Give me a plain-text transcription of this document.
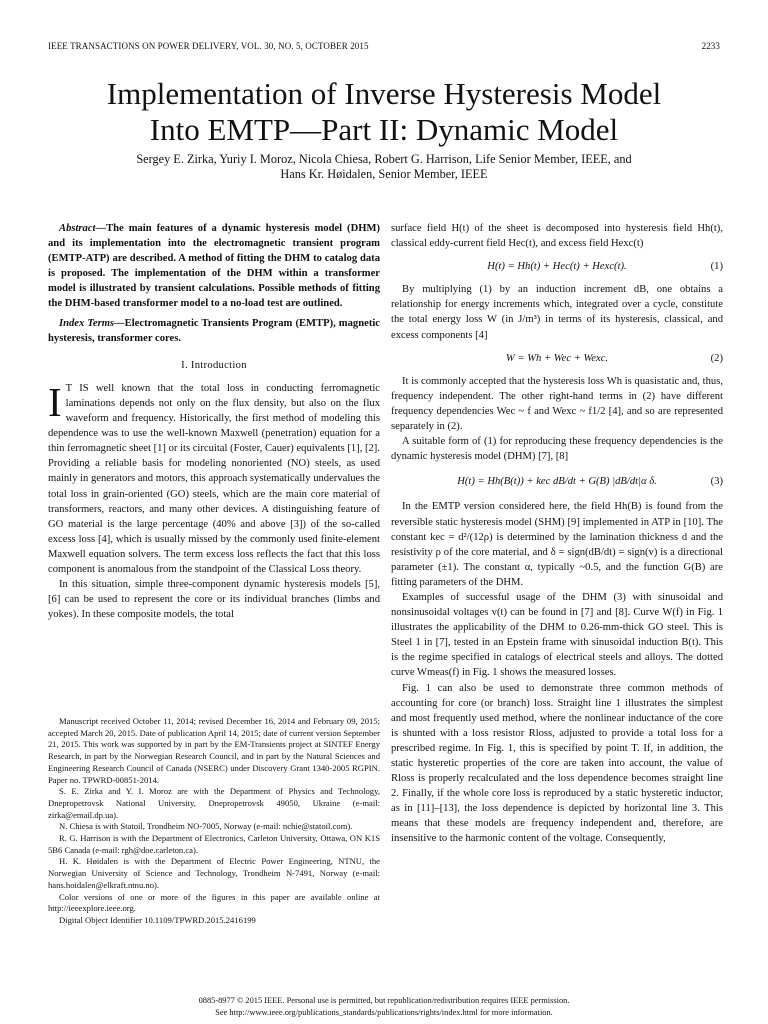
IEEE TRANSACTIONS ON POWER DELIVERY, VOL. 30, NO. 5, OCTOBER 2015	2233
Implementation of Inverse Hysteresis Model
Into EMTP—Part II: Dynamic Model
Sergey E. Zirka, Yuriy I. Moroz, Nicola Chiesa, Robert G. Harrison, Life Senior Member, IEEE, and
Hans Kr. Høidalen, Senior Member, IEEE

Abstract—The main features of a dynamic hysteresis model (DHM) and its implementation into the electromagnetic transient program (EMTP-ATP) are described. A method of fitting the DHM to catalog data is proposed. The implementation of the DHM within a transformer model is illustrated by transient calculations. Possible methods of fitting the DHM-based transformer model to a no-load test are outlined.

Index Terms—Electromagnetic Transients Program (EMTP), magnetic hysteresis, transformer cores.

I. Introduction

I T IS well known that the total loss in conducting ferromagnetic laminations depends not only on the flux density, but also on the flux waveform and frequency. Historically, the first method of modeling this dependence was to use the well-known Maxwell (penetration) equation for a thin ferromagnetic sheet [1] or its circuital (Foster, Cauer) equivalents [1], [2]. Providing a reliable basis for modeling nonoriented (NO) steels, as used mainly in generators and motors, this approach systematically undervalues the total loss in grain-oriented (GO) steels, which are the main core material of transformers, reactors, and many other devices. A distinguishing feature of GO material is the large percentage (40% and above [3]) of the so-called excess loss [4], which is usually missed by the commonly used finite-element Maxwell equation solvers. The term excess loss reflects the fact that this loss component is anomalous from the standpoint of the Classical Loss theory.

In this situation, simple three-component dynamic hysteresis models [5], [6] can be used to represent the core or its individual branches (limbs and yokes). In these composite models, the total

Manuscript received October 11, 2014; revised December 16, 2014 and February 09, 2015; accepted March 20, 2015. Date of publication April 14, 2015; date of current version September 21, 2015. This work was supported by in part by the EM-Transients project at SINTEF Energy Research, in part by the Norwegian Research Council, and in part by the Natural Sciences and Engineering Research Council of Canada (NSERC) under Discovery Grant 1340-2005 RGPIN. Paper no. TPWRD-00851-2014.

S. E. Zirka and Y. I. Moroz are with the Department of Physics and Technology, Dnepropetrovsk National University, Dnepropetrovsk 49050, Ukraine (e-mail: zirka@email.dp.ua).

N. Chiesa is with Statoil, Trondheim NO-7005, Norway (e-mail: nchie@statoil.com).

R. G. Harrison is with the Department of Electronics, Carleton University, Ottawa, ON K1S 5B6 Canada (e-mail: rgh@doe.carleton.ca).

H. K. Høidalen is with the Department of Electric Power Engineering, NTNU, the Norwegian University of Science and Technology, Trondheim N-7491, Norway (e-mail: hans.hoidalen@elkraft.ntnu.no).

Color versions of one or more of the figures in this paper are available online at http://ieeexplore.ieee.org.

Digital Object Identifier 10.1109/TPWRD.2015.2416199

surface field H(t) of the sheet is decomposed into hysteresis field Hh(t), classical eddy-current field Hec(t), and excess field Hexc(t)

H(t) = Hh(t) + Hec(t) + Hexc(t).	(1)

By multiplying (1) by an induction increment dB, one obtains a relationship for energy increments which, integrated over a cycle, constitute the total energy loss W (in J/m³) in terms of its hysteresis, classical, and excess components [4]

W = Wh + Wec + Wexc.	(2)

It is commonly accepted that the hysteresis loss Wh is quasistatic and, thus, frequency independent. The other right-hand terms in (2) have different frequency dependencies Wec ~ f and Wexc ~ f1/2 [4], and so are represented separately in (2).

A suitable form of (1) for reproducing these frequency dependencies is the dynamic hysteresis model (DHM) [7], [8]

H(t) = Hh(B(t)) + kec dB/dt + G(B) |dB/dt|α δ.	(3)

In the EMTP version considered here, the field Hh(B) is found from the reversible static hysteresis model (SHM) [9] implemented in ATP in [10]. The constant kec = d²/(12ρ) is determined by the lamination thickness d and the resistivity ρ of the core material, and δ = sign(dB/dt) = sign(v) is a directional parameter (±1). The constant α, typically ~0.5, and the function G(B) are fitting parameters of the DHM.

Examples of successful usage of the DHM (3) with sinusoidal and nonsinusoidal voltages v(t) can be found in [7] and [8]. Curve W(f) in Fig. 1 illustrates the applicability of the DHM to 0.26-mm-thick GO steel. This is Steel 1 in [7], tested in an Epstein frame with sinusoidal induction B(t). This is the regime specified in catalogs of electrical steels and alloys. The dotted curve Wmeas(f) in Fig. 1 shows the measured losses.

Fig. 1 can also be used to demonstrate three common methods of accounting for core (or branch) loss. Straight line 1 illustrates the simplest and most frequently used method, where the nonlinear inductance of the core is shunted with a loss resistor Rloss, adjusted to provide a total loss for a prescribed regime. In Fig. 1, this is specified by point T. If, in addition, the static hysteretic properties of the core are taken into account, the value of Rloss is properly recalculated and the loss dependence becomes straight line 2. Finally, if the whole core loss is reproduced by a static hysteretic inductor, as in [11]–[13], the loss dependence is depicted by horizontal line 3. This means that these models are frequency independent and, therefore, are insensitive to the harmonic content of the voltage. Consequently,

0885-8977 © 2015 IEEE. Personal use is permitted, but republication/redistribution requires IEEE permission.
See http://www.ieee.org/publications_standards/publications/rights/index.html for more information.
